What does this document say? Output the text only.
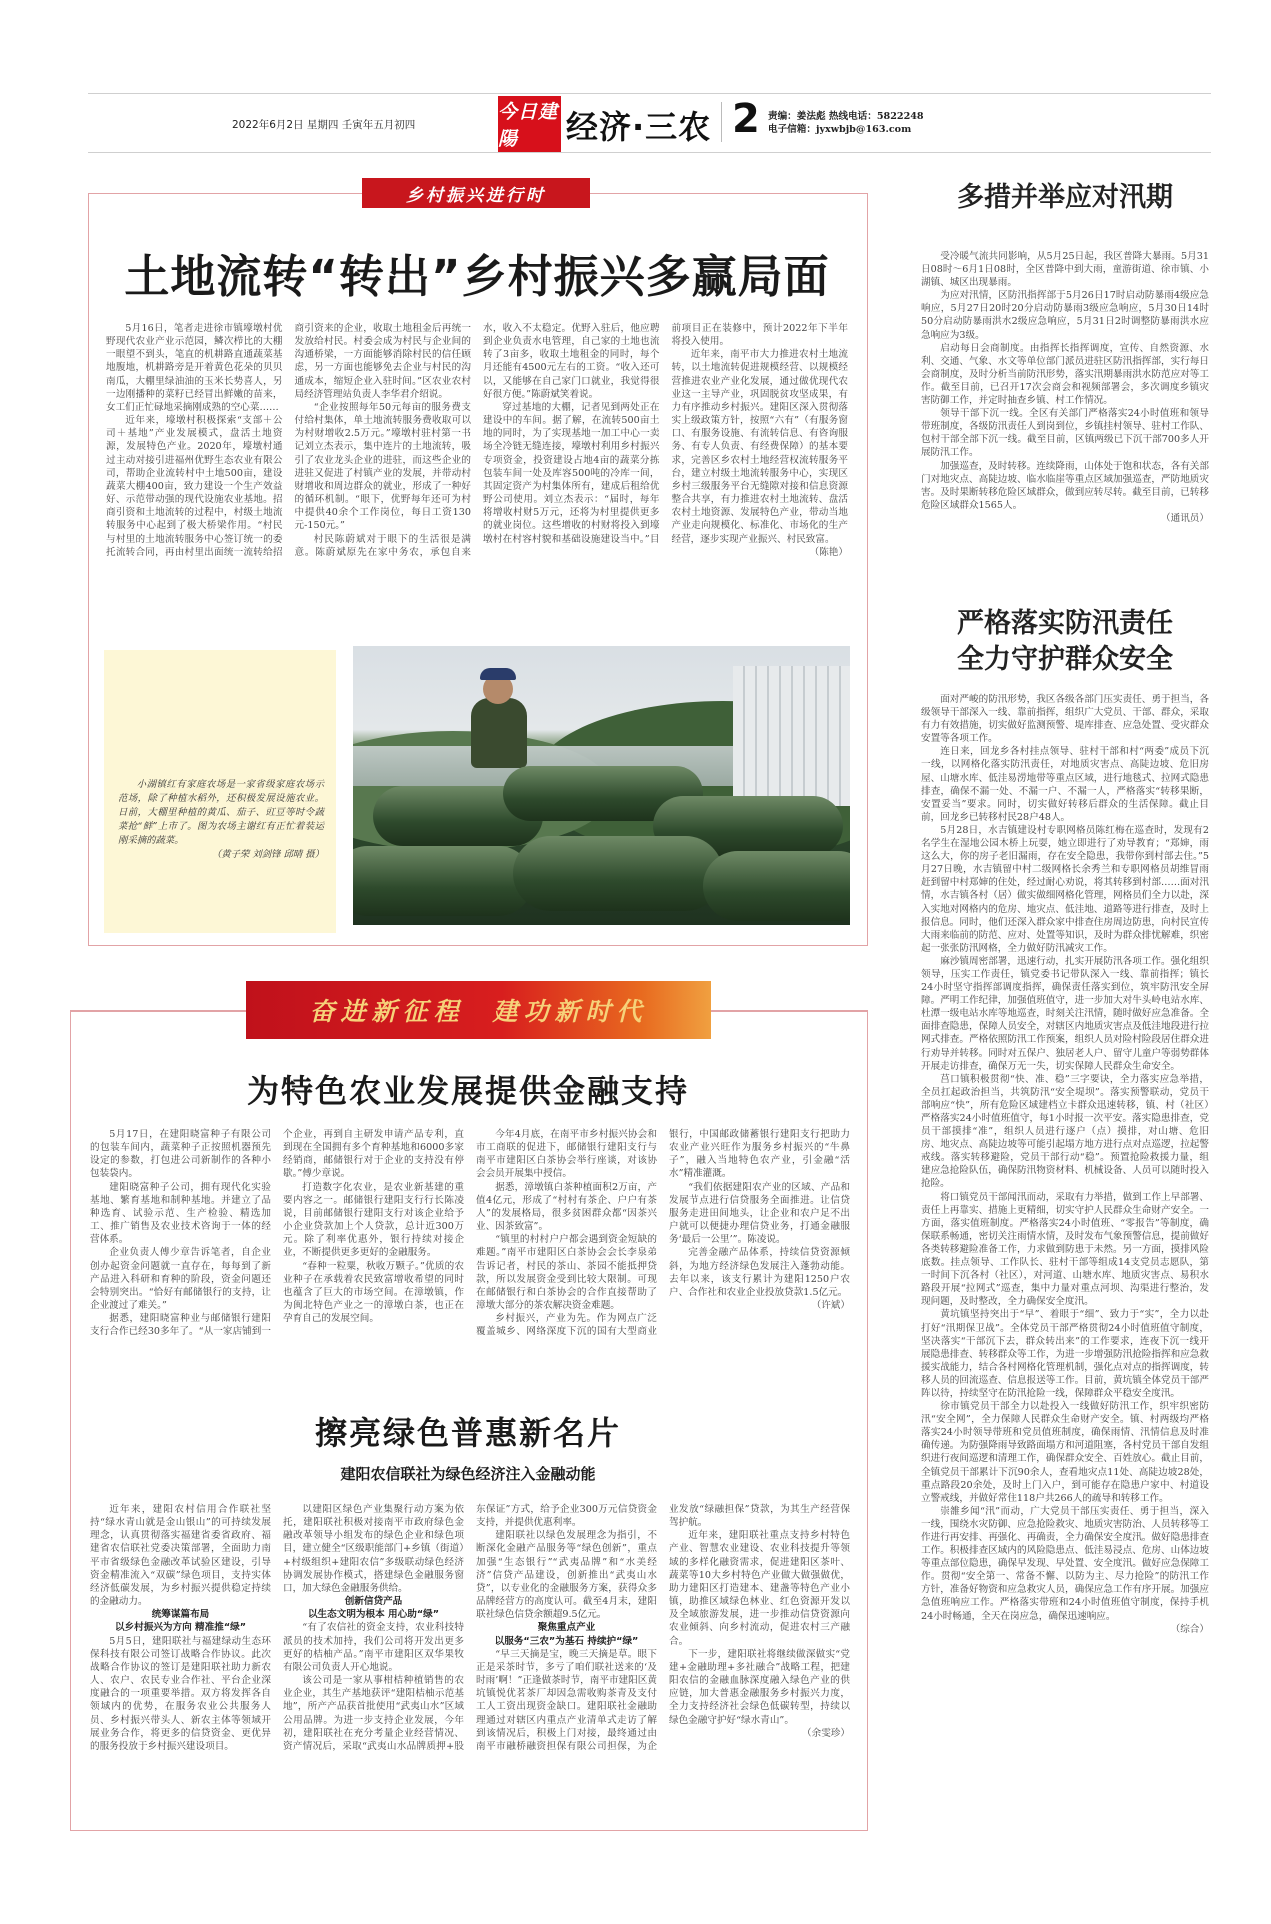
2022年6月2日 星期四 壬寅年五月初四
今日建陽	经济·三农 2 责编：姜法彪 热线电话：5822248
电子信箱：jyxwbjb@163.com
乡村振兴进行时
土地流转“转出”乡村振兴多赢局面

5月16日，笔者走进徐市镇壕墩村优野现代农业产业示范园，鳞次栉比的大棚一眼望不到头，笔直的机耕路直通蔬菜基地腹地，机耕路旁是开着黄色花朵的贝贝南瓜，大棚里绿油油的玉米长势喜人，另一边刚播种的菜籽已经冒出鲜嫩的苗来，女工们正忙碌地采摘刚成熟的空心菜……

近年来，壕墩村积极探索“支部＋公司＋基地”产业发展模式，盘活土地资源，发展特色产业。2020年，壕墩村通过主动对接引进福州优野生态农业有限公司，帮助企业流转村中土地500亩，建设蔬菜大棚400亩，致力建设一个生产效益好、示范带动强的现代设施农业基地。招商引资和土地流转的过程中，村级土地流转服务中心起到了极大桥梁作用。“村民与村里的土地流转服务中心签订统一的委托流转合同，再由村里出面统一流转给招商引资来的企业，收取土地租金后再统一发放给村民。村委会成为村民与企业间的沟通桥梁，一方面能够消除村民的信任顾虑，另一方面也能够免去企业与村民的沟通成本，缩短企业入驻时间。”区农业农村局经济管理站负责人李华君介绍说。

“企业按照每年50元每亩的服务费支付给村集体，单土地流转服务费收取可以为村财增收2.5万元。”壕墩村驻村第一书记刘立杰表示，集中连片的土地流转，吸引了农业龙头企业的进驻，而这些企业的进驻又促进了村镇产业的发展，并带动村财增收和周边群众的就业，形成了一种好的循环机制。“眼下，优野每年还可为村中提供40余个工作岗位，每日工资130元-150元。”

村民陈蔚斌对于眼下的生活很是满意。陈蔚斌原先在家中务农，承包自来水，收入不太稳定。优野入驻后，他应聘到企业负责水电管理，自己家的土地也流转了3亩多，收取土地租金的同时，每个月还能有4500元左右的工资。“收入还可以，又能够在自己家门口就业，我觉得很好很方便。”陈蔚斌笑着说。

穿过基地的大棚，记者见到两处正在建设中的车间。据了解，在流转500亩土地的同时，为了实现基地一加工中心一卖场全冷链无缝连接，壕墩村利用乡村振兴专项资金，投资建设占地4亩的蔬菜分拣包装车间一处及库容500吨的冷库一间，其固定资产为村集体所有，建成后租给优野公司使用。刘立杰表示：“届时，每年将增收村财5万元，还将为村里提供更多的就业岗位。这些增收的村财将投入到壕墩村在村容村貌和基础设施建设当中。”目前项目正在装修中，预计2022年下半年将投入使用。

近年来，南平市大力推进农村土地流转，以土地流转促进规模经营、以规模经营推进农业产业化发展，通过做优现代农业这一主导产业，巩固脱贫攻坚成果，有力有序推动乡村振兴。建阳区深入贯彻落实上级政策方针，按照“六有”（有服务窗口、有服务设施、有流转信息、有咨询服务、有专人负责、有经费保障）的基本要求，完善区乡农村土地经营权流转服务平台，建立村级土地流转服务中心，实现区乡村三级服务平台无缝隙对接和信息资源整合共享，有力推进农村土地流转、盘活农村土地资源、发展特色产业，带动当地产业走向规模化、标准化、市场化的生产经营，逐步实现产业振兴、村民致富。

（陈艳）

小湖镇红有家庭农场是一家省级家庭农场示范场，除了种植水稻外，还积极发展设施农业。日前，大棚里种植的黄瓜、茄子、豇豆等时令蔬菜抢“鲜”上市了。图为农场主谢红有正忙着装运刚采摘的蔬菜。

（黄子荣 刘剑锋 邱晴 摄）

奋进新征程 建功新时代
为特色农业发展提供金融支持

5月17日，在建阳晓富种子有限公司的包装车间内，蔬菜种子正按照机器预先设定的参数，打包进公司新制作的各种小包装袋内。

建阳晓富种子公司，拥有现代化实验基地、繁育基地和制种基地。并建立了品种选育、试验示范、生产检验、精选加工、推广销售及农业技术咨询于一体的经营体系。

企业负责人傅少章告诉笔者，自企业创办起资金问题就一直存在，每每到了新产品进入科研和育种的阶段，资金问题还会特别突出。“恰好有邮储银行的支持，让企业渡过了难关。”

据悉，建阳晓富种业与邮储银行建阳支行合作已经30多年了。“从一家店铺到一个企业，再到自主研发申请产品专利，直到现在全国拥有多个育种基地和6000多家经销商，邮储银行对于企业的支持没有停歇。”傅少章说。

打造数字化农业，是农业新基建的重要内容之一。邮储银行建阳支行行长陈凌说，目前邮储银行建阳支行对该企业给予小企业贷款加上个人贷款，总计近300万元。除了利率优惠外，银行持续对接企业，不断提供更多更好的金融服务。

“春种一粒粟，秋收万颗子。”优质的农业种子在承载着农民致富增收希望的同时也蕴含了巨大的市场空间。在漳墩镇，作为闽北特色产业之一的漳墩白茶，也正在孕育自己的发展空间。

今年4月底，在南平市乡村振兴协会和市工商联的促进下，邮储银行建阳支行与南平市建阳区白茶协会举行座谈，对该协会会员开展集中授信。

据悉，漳墩镇白茶种植面积2万亩，产值4亿元，形成了“村村有茶企、户户有茶人”的发展格局，很多贫困群众都“因茶兴业、因茶致富”。

“镇里的村村户户都会遇到资金短缺的难题。”南平市建阳区白茶协会会长李泉弟告诉记者，村民的茶山、茶园不能抵押贷款，所以发展资金受到比较大限制。可现在邮储银行和白茶协会的合作直接帮助了漳墩大部分的茶农解决资金难题。

乡村振兴，产业为先。作为网点广泛覆盖城乡、网络深度下沉的国有大型商业银行，中国邮政储蓄银行建阳支行把助力农业产业兴旺作为服务乡村振兴的“牛鼻子”，融入当地特色农产业，引金融“活水”精准灌溉。

“我们依据建阳农产业的区域、产品和发展节点进行信贷服务全面推进。让信贷服务走进田间地头，让企业和农户足不出户就可以便捷办理信贷业务，打通金融服务‘最后一公里’”。陈凌说。

完善金融产品体系，持续信贷资源倾斜，为地方经济绿色发展注入蓬勃动能。去年以来，该支行累计为建阳1250户农户、合作社和农业企业投放贷款1.5亿元。

（许斌）

擦亮绿色普惠新名片
建阳农信联社为绿色经济注入金融动能

近年来，建阳农村信用合作联社坚持“绿水青山就是金山银山”的可持续发展理念，认真贯彻落实福建省委省政府、福建省农信联社党委决策部署，全面助力南平市省级绿色金融改革试验区建设，引导资金精准流入“双碳”绿色项目，支持实体经济低碳发展，为乡村振兴提供稳定持续的金融动力。

统筹谋篇布局

以乡村振兴为方向 精准推“绿”

5月5日，建阳联社与福建绿动生态环保科技有限公司签订战略合作协议。此次战略合作协议的签订是建阳联社助力新农人、农户、农民专业合作社、平台企业深度融合的一项重要举措。双方将发挥各自领域内的优势，在服务农业公共服务人员、乡村振兴带头人、新农主体等领域开展业务合作，将更多的信贷资金、更优异的服务投放于乡村振兴建设项目。

以建阳区绿色产业集聚行动方案为依托，建阳联社积极对接南平市政府绿色金融改革领导小组发布的绿色企业和绿色项目，建立健全“区级职能部门+乡镇（街道）+村级组织+建阳农信”多级联动绿色经济协调发展协作模式，搭建绿色金融服务窗口，加大绿色金融服务供给。

创新信贷产品

以生态文明为根本 用心助“绿”

“有了农信社的资金支持，农业科技特派员的技术加持，我们公司将开发出更多更好的桔柚产品。”南平市建阳区双华果牧有限公司负责人开心地说。

该公司是一家从事柑桔种植销售的农业企业，其生产基地获评“建阳桔柚示范基地”，所产产品获首批使用“武夷山水”区域公用品牌。为进一步支持企业发展，今年初，建阳联社在充分考量企业经营情况、资产情况后，采取“武夷山水品牌质押+股东保证”方式，给予企业300万元信贷资金支持，并提供优惠利率。

建阳联社以绿色发展理念为指引，不断深化金融产品服务等“绿色创新”，重点加强“生态银行”“武夷品牌”和“水美经济”信贷产品建设，创新推出“武夷山水贷”，以专业化的金融服务方案，获得众多品牌经营方的高度认可。截至4月末，建阳联社绿色信贷余额超9.5亿元。

聚焦重点产业

以服务“三农”为基石 持续护“绿”

“早三天摘是宝，晚三天摘是草。眼下正是采茶时节，多亏了咱们联社送来的‘及时雨’啊！”正逢做茶时节，南平市建阳区黄坑镇悦优茗茶厂却因急需收购茶青及支付工人工资出现资金缺口。建阳联社金融助理通过对辖区内重点产业清单式走访了解到该情况后，积极上门对接，最终通过由南平市融桥融资担保有限公司担保，为企业发放“绿融担保”贷款，为其生产经营保驾护航。

近年来，建阳联社重点支持乡村特色产业、智慧农业建设、农业科技提升等领域的多样化融资需求，促进建阳区茶叶、蔬菜等10大乡村特色产业做大做强做优，助力建阳区打造建本、建盏等特色产业小镇，助推区域绿色林业、红色资源开发以及全域旅游发展，进一步推动信贷资源向农业倾斜、向乡村流动，促进农村三产融合。

下一步，建阳联社将继续做深做实“党建+金融助理+多社融合”战略工程，把建阳农信的金融血脉深度融入绿色产业的供应链，加大普惠金融服务乡村振兴力度，全力支持经济社会绿色低碳转型，持续以绿色金融守护好“绿水青山”。

（余雯珍）

多措并举应对汛期

受冷暖气流共同影响，从5月25日起，我区普降大暴雨。5月31日08时～6月1日08时，全区普降中到大雨，童游街道、徐市镇、小湖镇、城区出现暴雨。

为应对汛情，区防汛指挥部于5月26日17时启动防暴雨4级应急响应，5月27日20时20分启动防暴雨3级应急响应，5月30日14时50分启动防暴雨洪水2级应急响应，5月31日2时调整防暴雨洪水应急响应为3级。

启动每日会商制度。由指挥长指挥调度，宣传、自然资源、水利、交通、气象、水文等单位部门派员进驻区防汛指挥部，实行每日会商制度，及时分析当前防汛形势，落实汛期暴雨洪水防范应对等工作。截至目前，已召开17次会商会和视频部署会，多次调度乡镇灾害防御工作，并定时抽查乡镇、村工作情况。

领导干部下沉一线。全区有关部门严格落实24小时值班和领导带班制度，各级防汛责任人到岗到位，乡镇挂村领导、驻村工作队、包村干部全部下沉一线。截至目前，区镇两级已下沉干部700多人开展防汛工作。

加强巡查，及时转移。连续降雨，山体处于饱和状态，各有关部门对地灾点、高陡边坡、临水临崖等重点区域加强巡查，严防地质灾害。及时果断转移危险区域群众，做到应转尽转。截至目前，已转移危险区域群众1565人。

（通讯员）

严格落实防汛责任
全力守护群众安全

面对严峻的防汛形势，我区各级各部门压实责任、勇于担当，各级领导干部深入一线、靠前指挥，组织广大党员、干部、群众，采取有力有效措施，切实做好监测预警、堤库排查、应急处置、受灾群众安置等各项工作。

连日来，回龙乡各村挂点领导、驻村干部和村“两委”成员下沉一线，以网格化落实防汛责任，对地质灾害点、高陡边坡、危旧房屋、山塘水库、低洼易涝地带等重点区域，进行地毯式、拉网式隐患排查，确保不漏一处、不漏一户、不漏一人，严格落实“转移果断，安置妥当”要求。同时，切实做好转移后群众的生活保障。截止目前，回龙乡已转移村民28户48人。

5月28日，水吉镇建设村专职网格员陈红梅在巡查时，发现有2名学生在湿地公园木桥上玩耍，她立即进行了劝导教育；“郑婶，雨这么大，你的房子老旧漏雨，存在安全隐患，我带你到村部去住。”5月27日晚，水吉镇留中村二级网格长余秀兰和专职网格员胡维冒雨赶到留中村郑婶的住处，经过耐心劝说，将其转移到村部……面对汛情，水吉镇各村（居）做实做细网格化管理，网格员们全力以赴，深入实地对网格内的危房、地灾点、低洼地、道路等进行排查，及时上报信息。同时，他们还深入群众家中排查住房周边防患，向村民宣传大雨来临前的防范、应对、处置等知识，及时为群众排忧解难，织密起一张张防汛网格，全力做好防汛减灾工作。

麻沙镇周密部署，迅速行动，扎实开展防汛各项工作。强化组织领导，压实工作责任，镇党委书记带队深入一线、靠前指挥；镇长24小时坚守指挥部调度指挥，确保责任落实到位，筑牢防汛安全屏障。严明工作纪律，加强值班值守，进一步加大对牛头岭电站水库、杜潭一级电站水库等地巡查，时刻关注汛情，随时做好应急准备。全面排查隐患，保障人员安全，对辖区内地质灾害点及低洼地段进行拉网式排查。严格依照防汛工作预案，组织人员对险村险段居住群众进行劝导并转移。同时对五保户、独居老人户、留守儿童户等弱势群体开展走访排查，确保万无一失，切实保障人民群众生命安全。

莒口镇积极贯彻“快、准、稳”三字要诀，全力落实应急举措，全员扛起政治担当，共筑防汛“安全堤坝”。落实预警联动，党员干部响应“快”，所有危险区域建档立卡群众迅速转移，镇、村（社区）严格落实24小时值班值守，每1小时报一次平安。落实隐患排查，党员干部摸排“准”，组织人员进行逐户（点）摸排，对山塘、危旧房、地灾点、高陡边坡等可能引起塌方地方进行点对点巡逻，拉起警戒线。落实转移避险，党员干部行动“稳”。预置抢险救援力量，组建应急抢险队伍，确保防汛物资材料、机械设备、人员可以随时投入抢险。

将口镇党员干部闻汛而动，采取有力举措，做到工作上早部署、责任上再靠实、措施上更精细，切实守护人民群众生命财产安全。一方面，落实值班制度。严格落实24小时值班、“零报告”等制度，确保联系畅通，密切关注雨情水情，及时发布气象预警信息，提前做好各类转移避险准备工作，力求做到防患于未然。另一方面，摸排风险底数。挂点领导、工作队长、驻村干部等组成14支党员志愿队，第一时间下沉各村（社区），对河道、山塘水库、地质灾害点、易积水路段开展“拉网式”巡查，集中力量对重点河坝、沟渠进行整治，发现问题，及时整改，全力确保安全度汛。

黄坑镇坚持突出于“早”、着眼于“细”、致力于“实”，全力以赴打好“汛期保卫战”。全体党员干部严格贯彻24小时值班值守制度，坚决落实“干部沉下去，群众转出来”的工作要求，连夜下沉一线开展隐患排查、转移群众等工作，为进一步增强防汛抢险指挥和应急救援实战能力，结合各村网格化管理机制，强化点对点的指挥调度，转移人员的回流巡查、信息报送等工作。目前，黄坑镇全体党员干部严阵以待，持续坚守在防汛抢险一线，保障群众平稳安全度汛。

徐市镇党员干部全力以赴投入一线做好防汛工作，织牢织密防汛“安全网”，全力保障人民群众生命财产安全。镇、村两级均严格落实24小时领导带班和党员值班制度，确保雨情、汛情信息及时准确传递。为防强降雨导致路面塌方和河道阻塞，各村党员干部自发组织进行夜间巡逻和清理工作，确保群众安全、百姓放心。截止目前，全镇党员干部累计下沉90余人，查看地灾点11处、高陡边坡28处，重点路段20余处，及时上门入户，到可能存在隐患户家中、村道设立警戒线，并做好常住118户共266人的疏导和转移工作。

崇雒乡闻“汛”而动，广大党员干部压实责任、勇于担当，深入一线，围绕水灾防御、应急抢险救灾、地质灾害防治、人员转移等工作进行再安排、再强化、再确责，全力确保安全度汛。做好隐患排查工作。积极排查区域内的风险隐患点、低洼易浸点、危房、山体边坡等重点部位隐患，确保早发现、早处置、安全度汛。做好应急保障工作。贯彻“安全第一、常备不懈、以防为主、尽力抢险”的防汛工作方针，准备好物资和应急救灾人员，确保应急工作有序开展。加强应急值班响应工作。严格落实带班和24小时值班值守制度，保持手机24小时畅通，全天在岗应急，确保迅速响应。

（综合）
